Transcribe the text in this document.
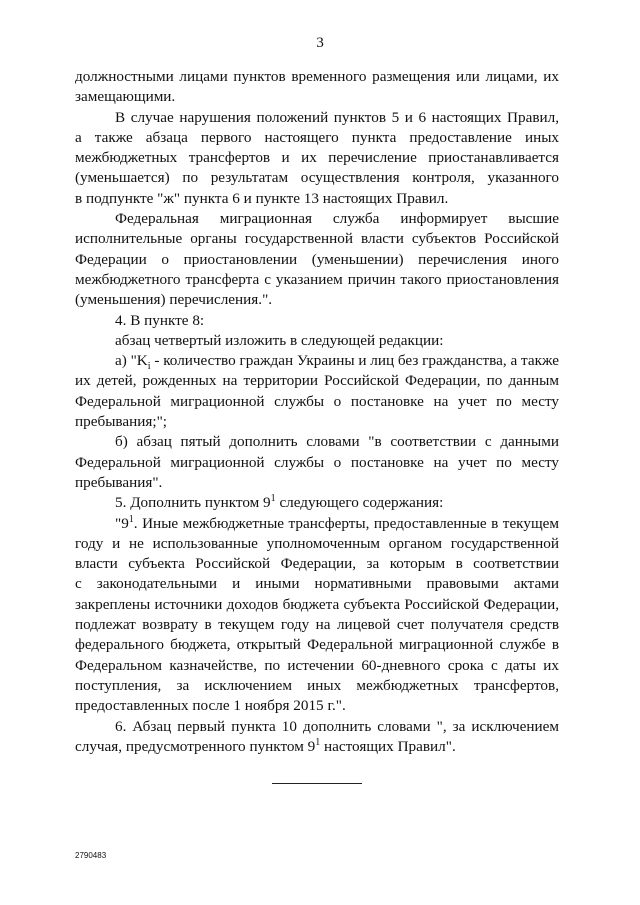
3
должностными лицами пунктов временного размещения или лицами, их
замещающими.
В случае нарушения положений пунктов 5 и 6 настоящих Правил,
а также абзаца первого настоящего пункта предоставление иных
межбюджетных трансфертов и их перечисление приостанавливается
(уменьшается) по результатам осуществления контроля, указанного
в подпункте "ж" пункта 6 и пункте 13 настоящих Правил.
Федеральная миграционная служба информирует высшие
исполнительные органы государственной власти субъектов Российской
Федерации о приостановлении (уменьшении) перечисления иного
межбюджетного трансферта с указанием причин такого приостановления
(уменьшения) перечисления.".
4. В пункте 8:
абзац четвертый изложить в следующей редакции:
а) "$K_i$ - количество граждан Украины и лиц без гражданства, а также
их детей, рожденных на территории Российской Федерации, по данным
Федеральной миграционной службы о постановке на учет по месту
пребывания;";
б) абзац пятый дополнить словами "в соответствии с данными
Федеральной миграционной службы о постановке на учет по месту
пребывания".
5. Дополнить пунктом $9^1$ следующего содержания:
"$9^1$. Иные межбюджетные трансферты, предоставленные в текущем
году и не использованные уполномоченным органом государственной
власти субъекта Российской Федерации, за которым в соответствии
с законодательными и иными нормативными правовыми актами
закреплены источники доходов бюджета субъекта Российской Федерации,
подлежат возврату в текущем году на лицевой счет получателя средств
федерального бюджета, открытый Федеральной миграционной службе в
Федеральном казначействе, по истечении 60-дневного срока с даты их
поступления, за исключением иных межбюджетных трансфертов,
предоставленных после 1 ноября 2015 г.".
6. Абзац первый пункта 10 дополнить словами ", за исключением
случая, предусмотренного пунктом $9^1$ настоящих Правил".
2790483
